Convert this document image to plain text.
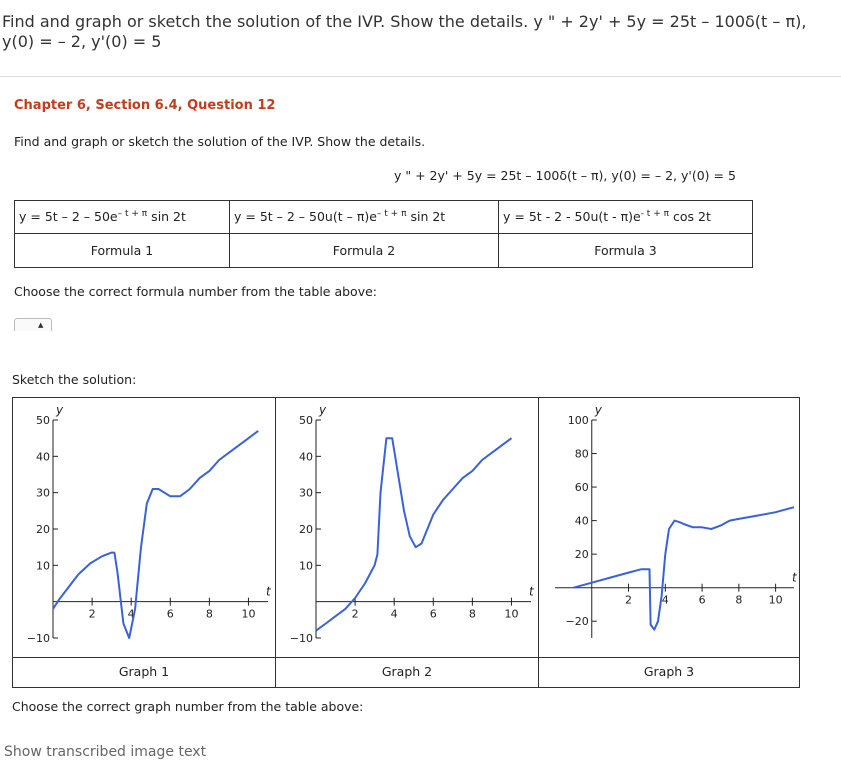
Find and graph or sketch the solution of the IVP. Show the details. y " + 2y' + 5y = 25t – 100δ(t – π), y(0) = – 2, y'(0) = 5
Chapter 6, Section 6.4, Question 12
Find and graph or sketch the solution of the IVP. Show the details.
y " + 2y' + 5y = 25t – 100δ(t – π), y(0) = – 2, y'(0) = 5
$y = 5t - 2 - 50e^{- t + \pi}$ sin 2t	$y = 5t - 2 - 50u(t - \pi)e^{- t + \pi}$ sin 2t	$y = 5t - 2 - 50u(t - \pi)e^{- t + \pi}$ cos 2t
Formula 1	Formula 2	Formula 3
Choose the correct formula number from the table above:
▲
Sketch the solution:
−10
10
20
30
40
50
2	4	6	8	10
y
t
−10
10
20
30
40
50
2	4	6	8	10
y
t
−20
20
40
60
80
100
2	4	6	8 10
y
t
Graph 1	Graph 2	Graph 3
Choose the correct graph number from the table above:
Show transcribed image text
